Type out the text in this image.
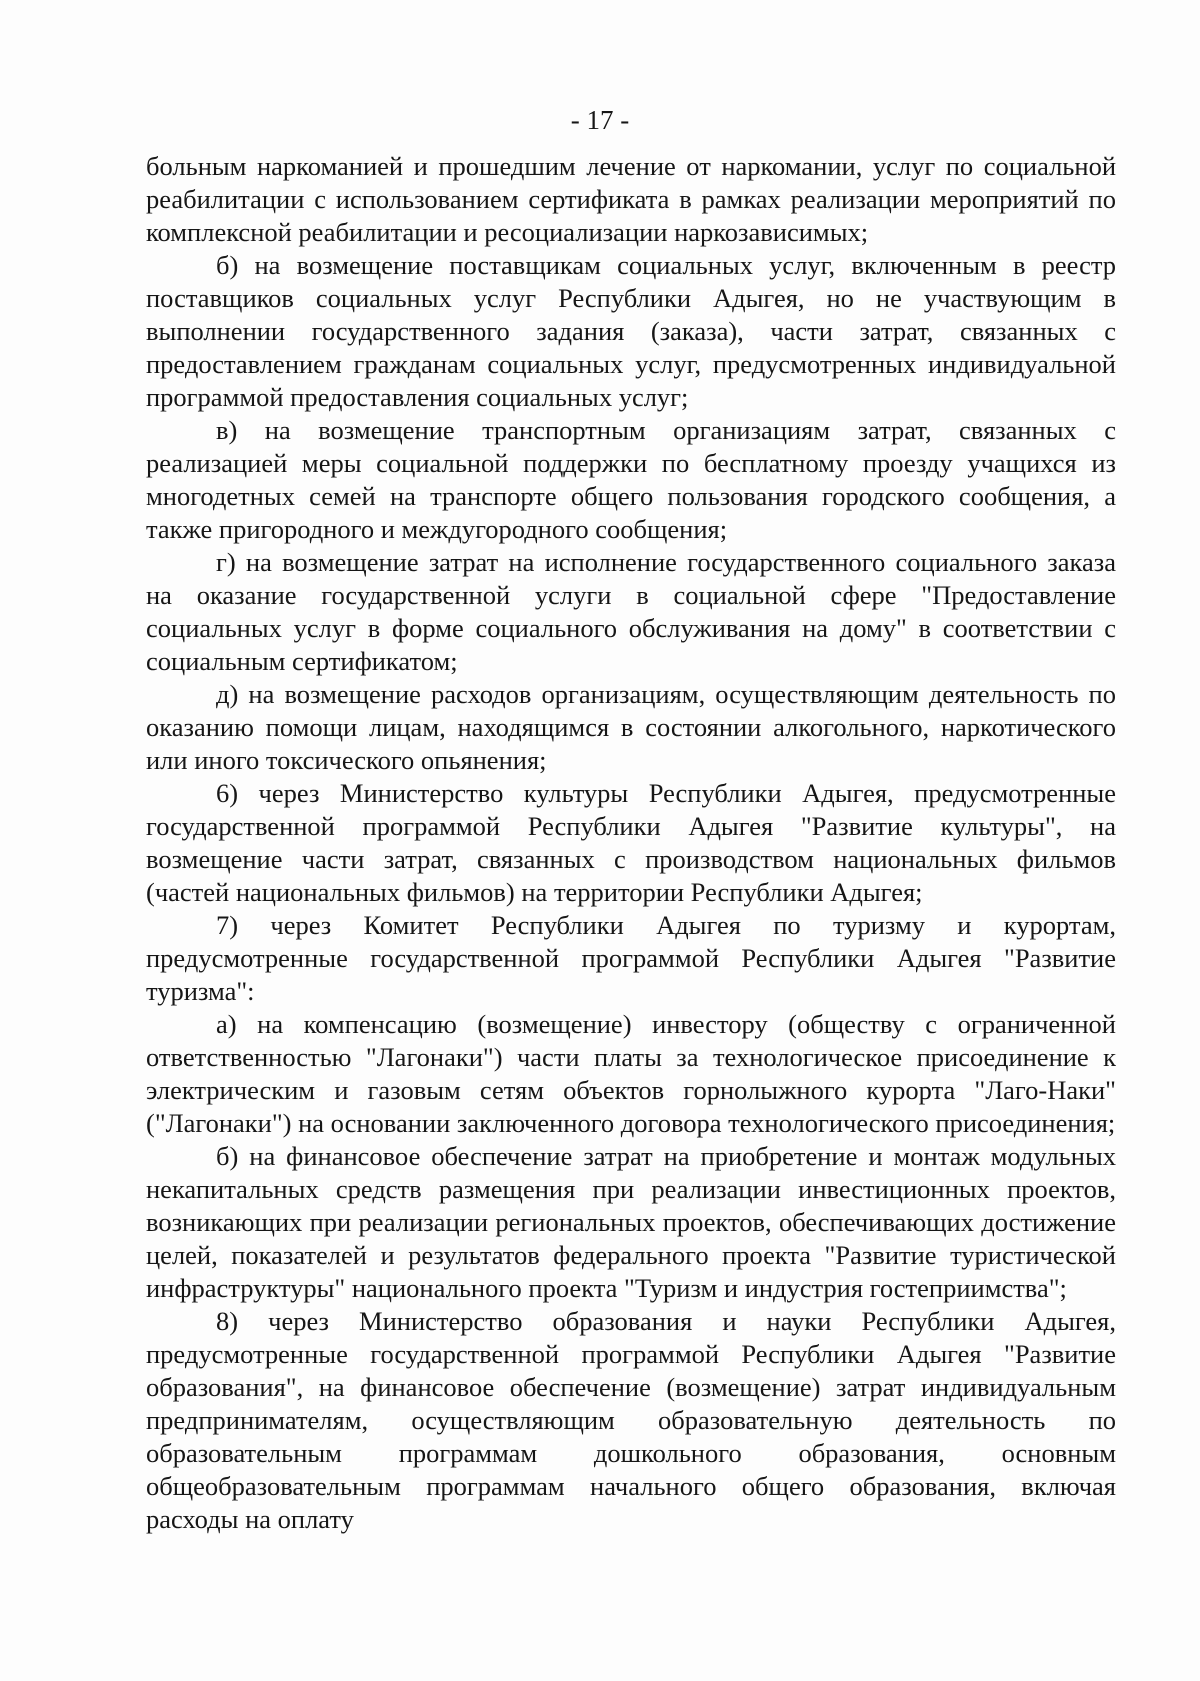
- 17 -

больным наркоманией и прошедшим лечение от наркомании, услуг по социальной реабилитации с использованием сертификата в рамках реализации мероприятий по комплексной реабилитации и ресоциализации наркозависимых;

б) на возмещение поставщикам социальных услуг, включенным в реестр поставщиков социальных услуг Республики Адыгея, но не участвующим в выполнении государственного задания (заказа), части затрат, связанных с предоставлением гражданам социальных услуг, предусмотренных индивидуальной программой предоставления социальных услуг;

в) на возмещение транспортным организациям затрат, связанных с реализацией меры социальной поддержки по бесплатному проезду учащихся из многодетных семей на транспорте общего пользования городского сообщения, а также пригородного и междугородного сообщения;

г) на возмещение затрат на исполнение государственного социального заказа на оказание государственной услуги в социальной сфере "Предоставление социальных услуг в форме социального обслуживания на дому" в соответствии с социальным сертификатом;

д) на возмещение расходов организациям, осуществляющим деятельность по оказанию помощи лицам, находящимся в состоянии алкогольного, наркотического или иного токсического опьянения;

6) через Министерство культуры Республики Адыгея, предусмотренные государственной программой Республики Адыгея "Развитие культуры", на возмещение части затрат, связанных с производством национальных фильмов (частей национальных фильмов) на территории Республики Адыгея;

7) через Комитет Республики Адыгея по туризму и курортам, предусмотренные государственной программой Республики Адыгея "Развитие туризма":

а) на компенсацию (возмещение) инвестору (обществу с ограниченной ответственностью "Лагонаки") части платы за технологическое присоединение к электрическим и газовым сетям объектов горнолыжного курорта "Лаго-Наки" ("Лагонаки") на основании заключенного договора технологического присоединения;

б) на финансовое обеспечение затрат на приобретение и монтаж модульных некапитальных средств размещения при реализации инвестиционных проектов, возникающих при реализации региональных проектов, обеспечивающих достижение целей, показателей и результатов федерального проекта "Развитие туристической инфраструктуры" национального проекта "Туризм и индустрия гостеприимства";

8) через Министерство образования и науки Республики Адыгея, предусмотренные государственной программой Республики Адыгея "Развитие образования", на финансовое обеспечение (возмещение) затрат индивидуальным предпринимателям, осуществляющим образовательную деятельность по образовательным программам дошкольного образования, основным общеобразовательным программам начального общего образования, включая расходы на оплату
